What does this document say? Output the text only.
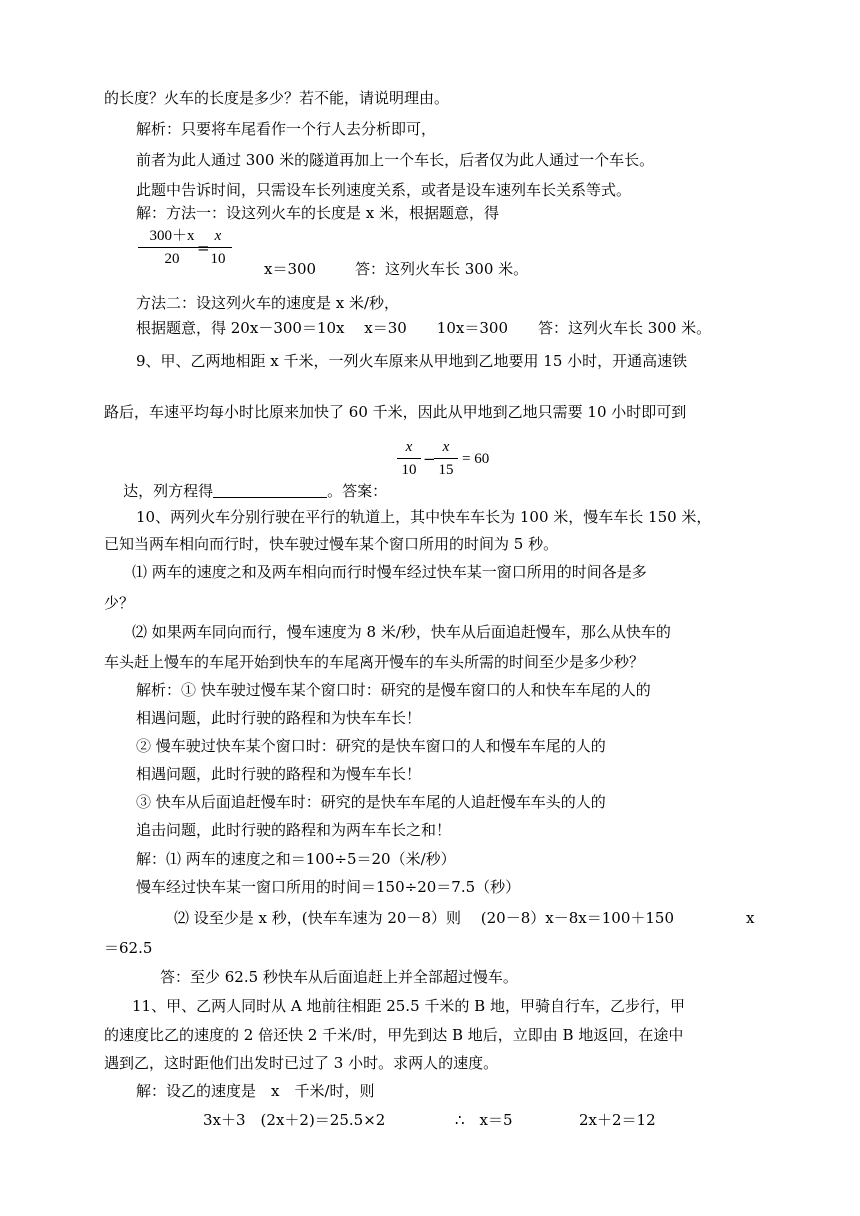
的长度？火车的长度是多少？若不能，请说明理由。
解析：只要将车尾看作一个行人去分析即可，
前者为此人通过 300 米的隧道再加上一个车长，后者仅为此人通过一个车长。
此题中告诉时间，只需设车长列速度关系，或者是设车速列车长关系等式。
解：方法一：设这列火车的长度是 x 米，根据题意，得
300＋x
20
=
x
10
x＝300	答：这列火车长 300 米。
方法二：设这列火车的速度是 x 米/秒，
根据题意，得 20x－300＝10x　 x＝30　　10x＝300　　答：这列火车长 300 米。
9、甲、乙两地相距 x 千米，一列火车原来从甲地到乙地要用 15 小时，开通高速铁
路后，车速平均每小时比原来加快了 60 千米，因此从甲地到乙地只需要 10 小时即可到

达，列方程得	。答案：

x
10
−
x
15
= 60
10、两列火车分别行驶在平行的轨道上，其中快车车长为 100 米，慢车车长 150 米，
已知当两车相向而行时，快车驶过慢车某个窗口所用的时间为 5 秒。
⑴ 两车的速度之和及两车相向而行时慢车经过快车某一窗口所用的时间各是多
少？
⑵ 如果两车同向而行，慢车速度为 8 米/秒，快车从后面追赶慢车，那么从快车的
车头赶上慢车的车尾开始到快车的车尾离开慢车的车头所需的时间至少是多少秒？
解析：① 快车驶过慢车某个窗口时：研究的是慢车窗口的人和快车车尾的人的
相遇问题，此时行驶的路程和为快车车长！
② 慢车驶过快车某个窗口时：研究的是快车窗口的人和慢车车尾的人的
相遇问题，此时行驶的路程和为慢车车长！
③ 快车从后面追赶慢车时：研究的是快车车尾的人追赶慢车车头的人的
追击问题，此时行驶的路程和为两车车长之和！
解：⑴ 两车的速度之和＝100÷5＝20（米/秒）
慢车经过快车某一窗口所用的时间＝150÷20＝7.5（秒）
⑵ 设至少是 x 秒，(快车车速为 20－8）则　 (20－8）x－8x＝100＋150	x
＝62.5
答：至少 62.5 秒快车从后面追赶上并全部超过慢车。
11、甲、乙两人同时从 A 地前往相距 25.5 千米的 B 地，甲骑自行车，乙步行，甲
的速度比乙的速度的 2 倍还快 2 千米/时，甲先到达 B 地后，立即由 B 地返回，在途中
遇到乙，这时距他们出发时已过了 3 小时。求两人的速度。
解：设乙的速度是　x　千米/时，则
3x＋3　(2x＋2)＝25.5×2	∴　x＝5	2x＋2＝12
